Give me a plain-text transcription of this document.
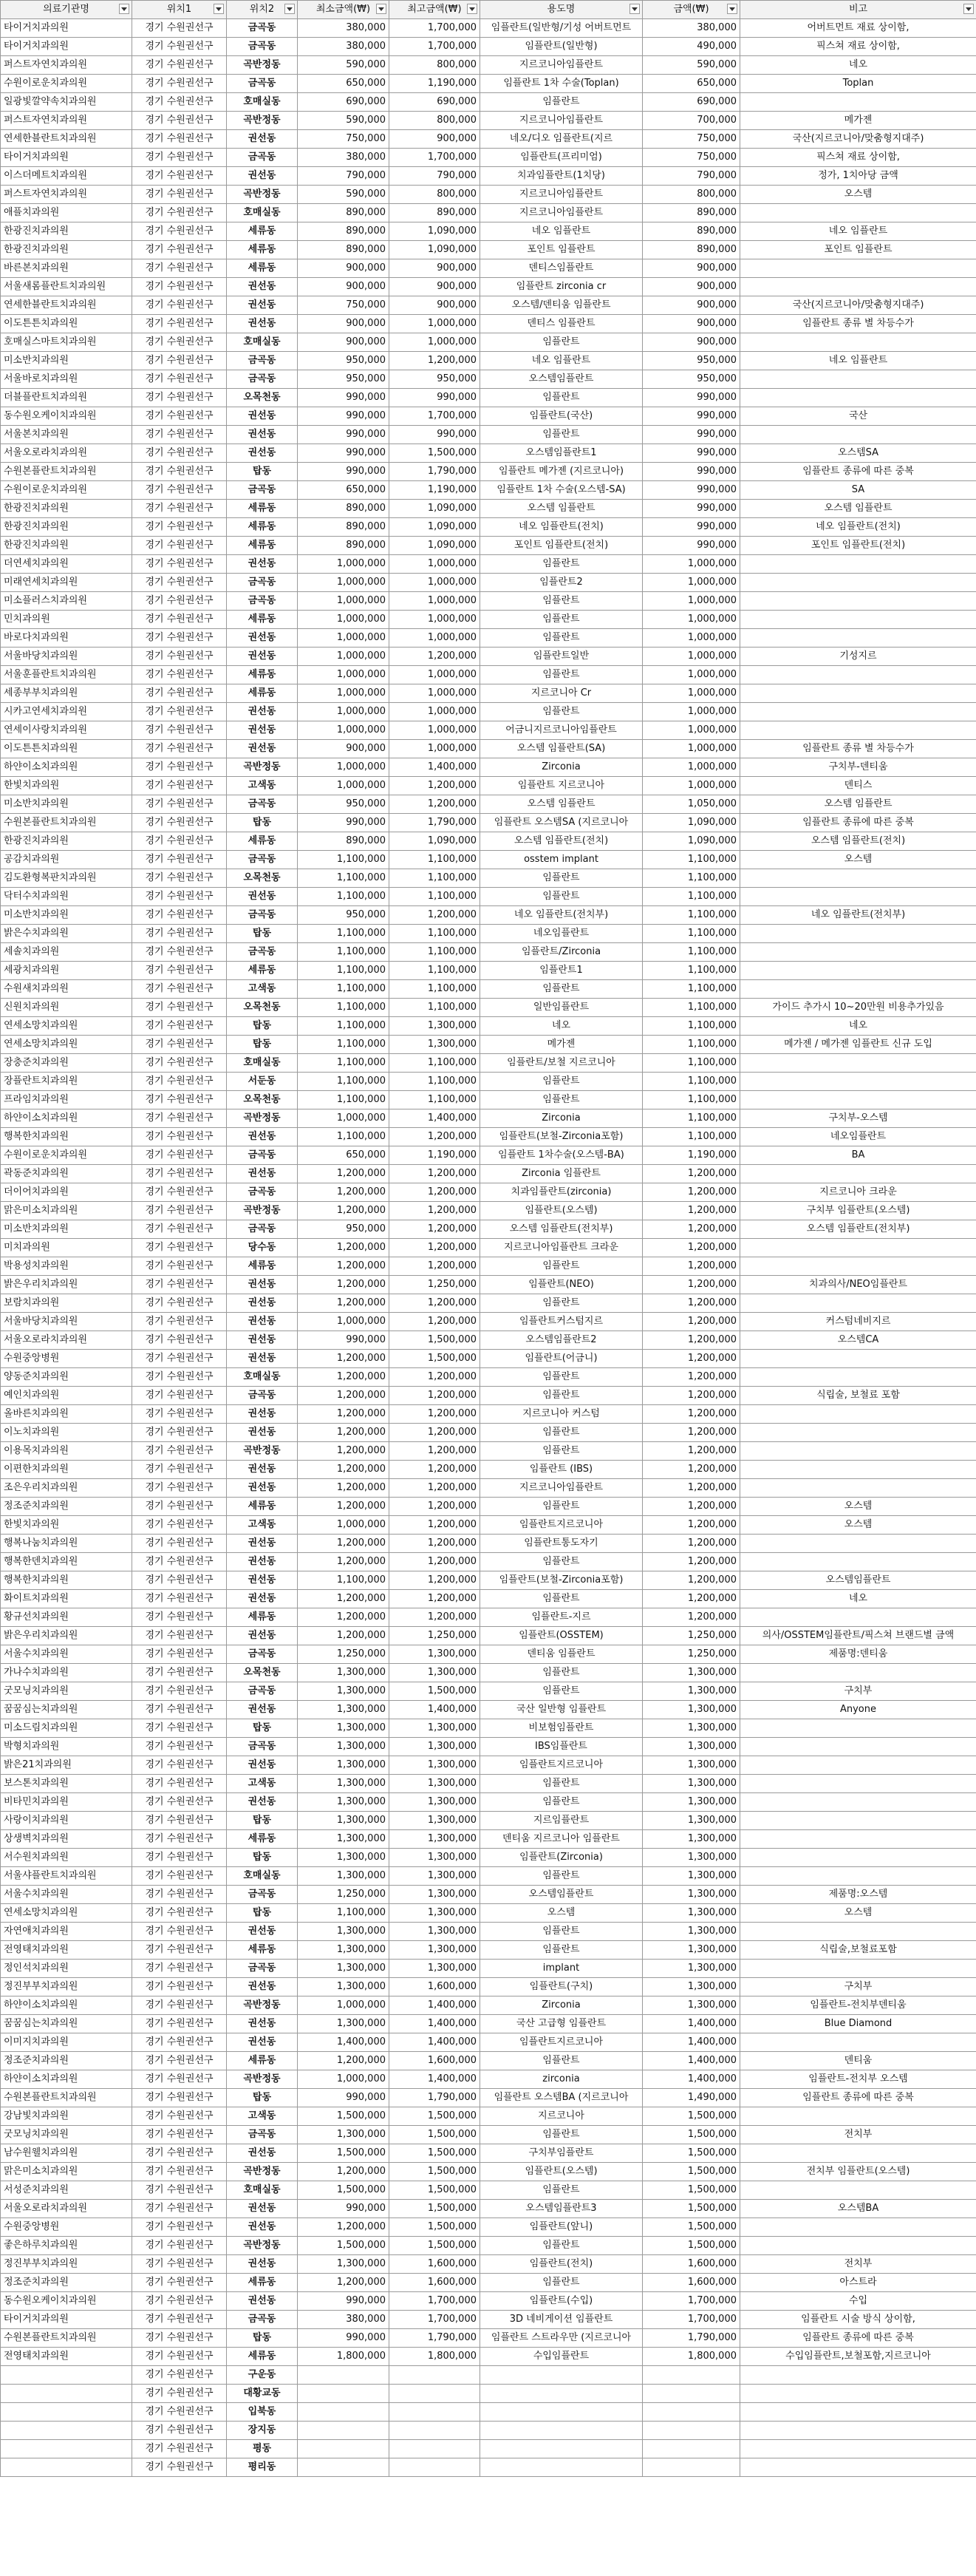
의료기관명	위치1	위치2	최소금액(₩)	최고금액(₩)	용도명	금액(₩)	비고

타이거치과의원	경기 수원권선구	금곡동	380,000	1,700,000	임플란트(일반형/기성 어버트먼트	380,000	어버트먼트 재료 상이함,
타이거치과의원	경기 수원권선구	금곡동	380,000	1,700,000	임플란트(일반형)	490,000	픽스쳐 재료 상이함,
퍼스트자연치과의원	경기 수원권선구	곡반정동	590,000	800,000	지르코니아임플란트	590,000	네오
수원이로운치과의원	경기 수원권선구	금곡동	650,000	1,190,000	임플란트 1차 수술(Toplan)	650,000	Toplan
일광빛깔약속치과의원	경기 수원권선구	호매실동	690,000	690,000	임플란트	690,000	
퍼스트자연치과의원	경기 수원권선구	곡반정동	590,000	800,000	지르코니아임플란트	700,000	메가젠
연세한블란트치과의원	경기 수원권선구	권선동	750,000	900,000	네오/디오 임플란트(지르	750,000	국산(지르코니아/맞춤형지대주)
타이거치과의원	경기 수원권선구	금곡동	380,000	1,700,000	임플란트(프리미엄)	750,000	픽스쳐 재료 상이함,
이스더메트치과의원	경기 수원권선구	권선동	790,000	790,000	치과임플란트(1치당)	790,000	정가, 1치아당 금액
퍼스트자연치과의원	경기 수원권선구	곡반정동	590,000	800,000	지르코니아임플란트	800,000	오스템
애플치과의원	경기 수원권선구	호매실동	890,000	890,000	지르코니아임플란트	890,000	
한광진치과의원	경기 수원권선구	세류동	890,000	1,090,000	네오 임플란트	890,000	네오 임플란트
한광진치과의원	경기 수원권선구	세류동	890,000	1,090,000	포인트 임플란트	890,000	포인트 임플란트
바른본치과의원	경기 수원권선구	세류동	900,000	900,000	덴티스임플란트	900,000	
서울새롬플란트치과의원	경기 수원권선구	권선동	900,000	900,000	임플란트 zirconia cr	900,000	
연세한블란트치과의원	경기 수원권선구	권선동	750,000	900,000	오스템/덴티움 임플란트	900,000	국산(지르코니아/맞춤형지대주)
이도튼튼치과의원	경기 수원권선구	권선동	900,000	1,000,000	덴티스 임플란트	900,000	임플란트 종류 별 차등수가
호매실스마트치과의원	경기 수원권선구	호매실동	900,000	1,000,000	임플란트	900,000	
미소반치과의원	경기 수원권선구	금곡동	950,000	1,200,000	네오 임플란트	950,000	네오 임플란트
서울바로치과의원	경기 수원권선구	금곡동	950,000	950,000	오스템임플란트	950,000	
더블플란트치과의원	경기 수원권선구	오목천동	990,000	990,000	임플란트	990,000	
동수원오케이치과의원	경기 수원권선구	권선동	990,000	1,700,000	임플란트(국산)	990,000	국산
서울본치과의원	경기 수원권선구	권선동	990,000	990,000	임플란트	990,000	
서울오로라치과의원	경기 수원권선구	권선동	990,000	1,500,000	오스템임플란트1	990,000	오스템SA
수원본플란트치과의원	경기 수원권선구	탑동	990,000	1,790,000	임플란트 메가젠 (지르코니아)	990,000	임플란트 종류에 따른 중복
수원이로운치과의원	경기 수원권선구	금곡동	650,000	1,190,000	임플란트 1차 수술(오스템-SA)	990,000	SA
한광진치과의원	경기 수원권선구	세류동	890,000	1,090,000	오스템 임플란트	990,000	오스템 임플란트
한광진치과의원	경기 수원권선구	세류동	890,000	1,090,000	네오 임플란트(전치)	990,000	네오 임플란트(전치)
한광진치과의원	경기 수원권선구	세류동	890,000	1,090,000	포인트 임플란트(전치)	990,000	포인트 임플란트(전치)
더연세치과의원	경기 수원권선구	권선동	1,000,000	1,000,000	임플란트	1,000,000	
미래연세치과의원	경기 수원권선구	금곡동	1,000,000	1,000,000	임플란트2	1,000,000	
미소플러스치과의원	경기 수원권선구	금곡동	1,000,000	1,000,000	임플란트	1,000,000	
민치과의원	경기 수원권선구	세류동	1,000,000	1,000,000	임플란트	1,000,000	
바로다치과의원	경기 수원권선구	권선동	1,000,000	1,000,000	임플란트	1,000,000	
서울바당치과의원	경기 수원권선구	권선동	1,000,000	1,200,000	임플란트일반	1,000,000	기성지르
서울훈플란트치과의원	경기 수원권선구	세류동	1,000,000	1,000,000	임플란트	1,000,000	
세종부부치과의원	경기 수원권선구	세류동	1,000,000	1,000,000	지르코니아 Cr	1,000,000	
시카고연세치과의원	경기 수원권선구	권선동	1,000,000	1,000,000	임플란트	1,000,000	
연세이사랑치과의원	경기 수원권선구	권선동	1,000,000	1,000,000	어금니지르코니아임플란트	1,000,000	
이도튼튼치과의원	경기 수원권선구	권선동	900,000	1,000,000	오스템 임플란트(SA)	1,000,000	임플란트 종류 별 차등수가
하얀이소치과의원	경기 수원권선구	곡반정동	1,000,000	1,400,000	Zirconia	1,000,000	구치부-덴티움
한빛치과의원	경기 수원권선구	고색동	1,000,000	1,200,000	임플란트 지르코니아	1,000,000	덴티스
미소반치과의원	경기 수원권선구	금곡동	950,000	1,200,000	오스템 임플란트	1,050,000	오스템 임플란트
수원본플란트치과의원	경기 수원권선구	탑동	990,000	1,790,000	임플란트 오스템SA (지르코니아	1,090,000	임플란트 종류에 따른 중복
한광진치과의원	경기 수원권선구	세류동	890,000	1,090,000	오스템 임플란트(전치)	1,090,000	오스템 임플란트(전치)
공감치과의원	경기 수원권선구	금곡동	1,100,000	1,100,000	osstem implant	1,100,000	오스템
김도환형복판치과의원	경기 수원권선구	오목천동	1,100,000	1,100,000	임플란트	1,100,000	
닥터수치과의원	경기 수원권선구	권선동	1,100,000	1,100,000	임플란트	1,100,000	
미소반치과의원	경기 수원권선구	금곡동	950,000	1,200,000	네오 임플란트(전치부)	1,100,000	네오 임플란트(전치부)
밝은수치과의원	경기 수원권선구	탑동	1,100,000	1,100,000	네오임플란트	1,100,000	
세솔치과의원	경기 수원권선구	금곡동	1,100,000	1,100,000	임플란트/Zirconia	1,100,000	
세광치과의원	경기 수원권선구	세류동	1,100,000	1,100,000	임플란트1	1,100,000	
수원새치과의원	경기 수원권선구	고색동	1,100,000	1,100,000	임플란트	1,100,000	
신원치과의원	경기 수원권선구	오목천동	1,100,000	1,100,000	일반임플란트	1,100,000	가이드 추가시 10~20만원 비용추가있음
연세소망치과의원	경기 수원권선구	탑동	1,100,000	1,300,000	네오	1,100,000	네오
연세소망치과의원	경기 수원권선구	탑동	1,100,000	1,300,000	메가젠	1,100,000	메가젠 / 메가젠 임플란트 신규 도입
장충준치과의원	경기 수원권선구	호매실동	1,100,000	1,100,000	임플란트/보철 지르코니아	1,100,000	
장플란트치과의원	경기 수원권선구	서둔동	1,100,000	1,100,000	임플란트	1,100,000	
프라임치과의원	경기 수원권선구	오목천동	1,100,000	1,100,000	임플란트	1,100,000	
하얀이소치과의원	경기 수원권선구	곡반정동	1,000,000	1,400,000	Zirconia	1,100,000	구치부-오스템
행복한치과의원	경기 수원권선구	권선동	1,100,000	1,200,000	임플란트(보철-Zirconia포함)	1,100,000	네오임플란트
수원이로운치과의원	경기 수원권선구	금곡동	650,000	1,190,000	임플란트 1차수술(오스템-BA)	1,190,000	BA
곽동준치과의원	경기 수원권선구	권선동	1,200,000	1,200,000	Zirconia 임플란트	1,200,000	
더이어치과의원	경기 수원권선구	금곡동	1,200,000	1,200,000	치과임플란트(zirconia)	1,200,000	지르코니아 크라운
맑은미소치과의원	경기 수원권선구	곡반정동	1,200,000	1,200,000	임플란트(오스템)	1,200,000	구치부 임플란트(오스템)
미소반치과의원	경기 수원권선구	금곡동	950,000	1,200,000	오스템 임플란트(전치부)	1,200,000	오스템 임플란트(전치부)
미치과의원	경기 수원권선구	당수동	1,200,000	1,200,000	지르코니아임플란트 크라운	1,200,000	
박용성치과의원	경기 수원권선구	세류동	1,200,000	1,200,000	임플란트	1,200,000	
밝은우리치과의원	경기 수원권선구	권선동	1,200,000	1,250,000	임플란트(NEO)	1,200,000	치과의사/NEO임플란트
보람치과의원	경기 수원권선구	권선동	1,200,000	1,200,000	임플란트	1,200,000	
서울바당치과의원	경기 수원권선구	권선동	1,000,000	1,200,000	임플란트커스텀지르	1,200,000	커스텀네비지르
서울오로라치과의원	경기 수원권선구	권선동	990,000	1,500,000	오스템임플란트2	1,200,000	오스템CA
수원중앙병원	경기 수원권선구	권선동	1,200,000	1,500,000	임플란트(어금니)	1,200,000	
양동준치과의원	경기 수원권선구	호매실동	1,200,000	1,200,000	임플란트	1,200,000	
예인치과의원	경기 수원권선구	금곡동	1,200,000	1,200,000	임플란트	1,200,000	식립술, 보철료 포함
올바른치과의원	경기 수원권선구	권선동	1,200,000	1,200,000	지르코니아 커스텀	1,200,000	
이노치과의원	경기 수원권선구	권선동	1,200,000	1,200,000	임플란트	1,200,000	
이용목치과의원	경기 수원권선구	곡반정동	1,200,000	1,200,000	임플란트	1,200,000	
이편한치과의원	경기 수원권선구	권선동	1,200,000	1,200,000	임플란트 (IBS)	1,200,000	
조은우리치과의원	경기 수원권선구	권선동	1,200,000	1,200,000	지르코니아임플란트	1,200,000	
정조준치과의원	경기 수원권선구	세류동	1,200,000	1,200,000	임플란트	1,200,000	오스템
한빛치과의원	경기 수원권선구	고색동	1,000,000	1,200,000	임플란트지르코니아	1,200,000	오스템
행복나눔치과의원	경기 수원권선구	권선동	1,200,000	1,200,000	임플란트통도자기	1,200,000	
행복한덴치과의원	경기 수원권선구	권선동	1,200,000	1,200,000	임플란트	1,200,000	
행복한치과의원	경기 수원권선구	권선동	1,100,000	1,200,000	임플란트(보철-Zirconia포함)	1,200,000	오스템임플란트
화이트치과의원	경기 수원권선구	권선동	1,200,000	1,200,000	임플란트	1,200,000	네오
황규선치과의원	경기 수원권선구	세류동	1,200,000	1,200,000	임플란트-지르	1,200,000	
밝은우리치과의원	경기 수원권선구	권선동	1,200,000	1,250,000	임플란트(OSSTEM)	1,250,000	의사/OSSTEM임플란트/픽스쳐 브랜드별 금액
서울수치과의원	경기 수원권선구	금곡동	1,250,000	1,300,000	덴티움 임플란트	1,250,000	제품명:덴티움
가나수치과의원	경기 수원권선구	오목천동	1,300,000	1,300,000	임플란트	1,300,000	
굿모닝치과의원	경기 수원권선구	금곡동	1,300,000	1,500,000	임플란트	1,300,000	구치부
꿈꿈심는치과의원	경기 수원권선구	권선동	1,300,000	1,400,000	국산 일반형 임플란트	1,300,000	Anyone
미소드림치과의원	경기 수원권선구	탑동	1,300,000	1,300,000	비보험임플란트	1,300,000	
박형치과의원	경기 수원권선구	금곡동	1,300,000	1,300,000	IBS임플란트	1,300,000	
밝은21치과의원	경기 수원권선구	권선동	1,300,000	1,300,000	임플란트지르코니아	1,300,000	
보스톤치과의원	경기 수원권선구	고색동	1,300,000	1,300,000	임플란트	1,300,000	
비타민치과의원	경기 수원권선구	권선동	1,300,000	1,300,000	임플란트	1,300,000	
사랑이치과의원	경기 수원권선구	탑동	1,300,000	1,300,000	지르임플란트	1,300,000	
상생벽치과의원	경기 수원권선구	세류동	1,300,000	1,300,000	덴티움 지르코니아 임플란트	1,300,000	
서수원치과의원	경기 수원권선구	탑동	1,300,000	1,300,000	임플란트(Zirconia)	1,300,000	
서울샤플란트치과의원	경기 수원권선구	호매실동	1,300,000	1,300,000	임플란트	1,300,000	
서울수치과의원	경기 수원권선구	금곡동	1,250,000	1,300,000	오스템임플란트	1,300,000	제품명:오스템
연세소망치과의원	경기 수원권선구	탑동	1,100,000	1,300,000	오스템	1,300,000	오스템
자연애치과의원	경기 수원권선구	권선동	1,300,000	1,300,000	임플란트	1,300,000	
전영태치과의원	경기 수원권선구	세류동	1,300,000	1,300,000	임플란트	1,300,000	식립술,보철료포함
정인석치과의원	경기 수원권선구	금곡동	1,300,000	1,300,000	implant	1,300,000	
정진부부치과의원	경기 수원권선구	권선동	1,300,000	1,600,000	임플란트(구치)	1,300,000	구치부
하얀이소치과의원	경기 수원권선구	곡반정동	1,000,000	1,400,000	Zirconia	1,300,000	임플란트-전치부덴티움
꿈꿈심는치과의원	경기 수원권선구	권선동	1,300,000	1,400,000	국산 고급형 임플란트	1,400,000	Blue Diamond
이미지치과의원	경기 수원권선구	권선동	1,400,000	1,400,000	임플란트지르코니아	1,400,000	
정조준치과의원	경기 수원권선구	세류동	1,200,000	1,600,000	임플란트	1,400,000	덴티움
하얀이소치과의원	경기 수원권선구	곡반정동	1,000,000	1,400,000	zirconia	1,400,000	임플란트-전치부 오스템
수원본플란트치과의원	경기 수원권선구	탑동	990,000	1,790,000	임플란트 오스템BA (지르코니아	1,490,000	임플란트 종류에 따른 중복
강남빛치과의원	경기 수원권선구	고색동	1,500,000	1,500,000	지르코니아	1,500,000	
굿모닝치과의원	경기 수원권선구	금곡동	1,300,000	1,500,000	임플란트	1,500,000	전치부
남수원웰치과의원	경기 수원권선구	권선동	1,500,000	1,500,000	구치부임플란트	1,500,000	
맑은미소치과의원	경기 수원권선구	곡반정동	1,200,000	1,500,000	임플란트(오스템)	1,500,000	전치부 임플란트(오스템)
서성준치과의원	경기 수원권선구	호매실동	1,500,000	1,500,000	임플란트	1,500,000	
서울오로라치과의원	경기 수원권선구	권선동	990,000	1,500,000	오스템임플란트3	1,500,000	오스템BA
수원중앙병원	경기 수원권선구	권선동	1,200,000	1,500,000	임플란트(앞니)	1,500,000	
좋은하루치과의원	경기 수원권선구	곡반정동	1,500,000	1,500,000	임플란트	1,500,000	
정진부부치과의원	경기 수원권선구	권선동	1,300,000	1,600,000	임플란트(전치)	1,600,000	전치부
정조준치과의원	경기 수원권선구	세류동	1,200,000	1,600,000	임플란트	1,600,000	아스트라
동수원오케이치과의원	경기 수원권선구	권선동	990,000	1,700,000	임플란트(수입)	1,700,000	수입
타이거치과의원	경기 수원권선구	금곡동	380,000	1,700,000	3D 네비게이션 임플란트	1,700,000	임플란트 시술 방식 상이함,
수원본플란트치과의원	경기 수원권선구	탑동	990,000	1,790,000	임플란트 스트라우만 (지르코니아	1,790,000	임플란트 종류에 따른 중복
전영태치과의원	경기 수원권선구	세류동	1,800,000	1,800,000	수입임플란트	1,800,000	수입임플란트,보철포함,지르코니아
	경기 수원권선구	구운동					
	경기 수원권선구	대황교동					
	경기 수원권선구	입북동					
	경기 수원권선구	장지동					
	경기 수원권선구	평동					
	경기 수원권선구	평리동					
